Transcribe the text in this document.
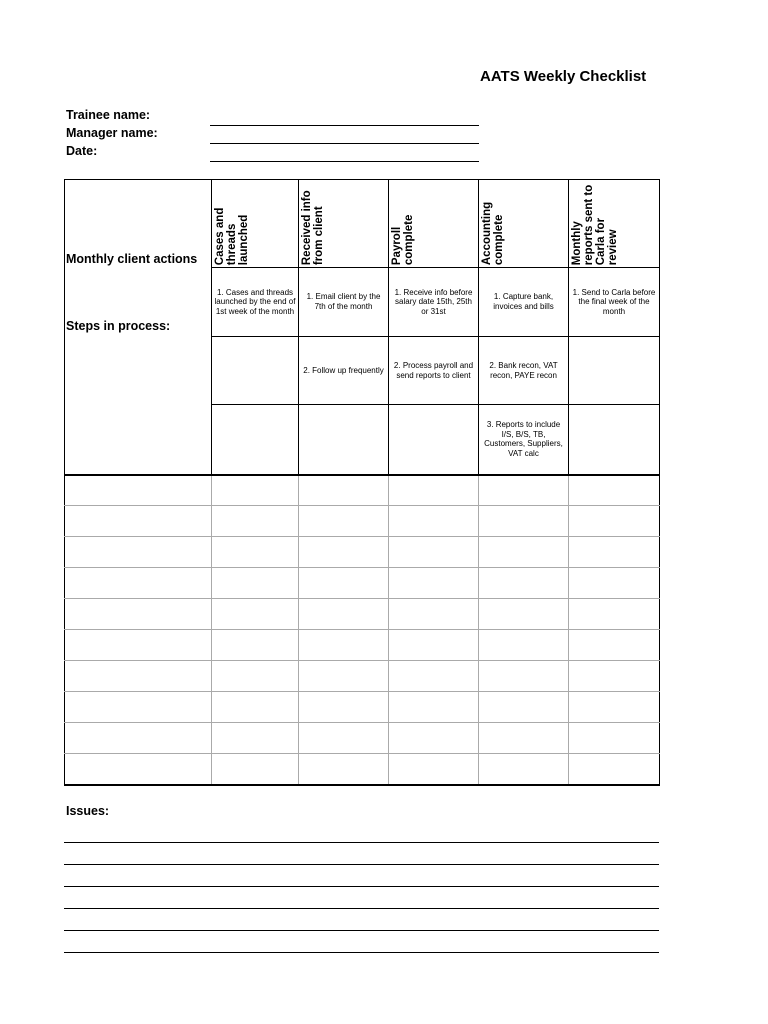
AATS Weekly Checklist
Trainee name:
Manager name:
Date:

	Cases and threads launched	Received info from client	Payroll complete	Accounting complete	Monthly reports sent to Carla for review

	1. Cases and threads launched by the end of 1st week of the month	1. Email client by the 7th of the month	1. Receive info before salary date 15th, 25th or 31st	1. Capture bank, invoices and bills	1. Send to Carla before the final week of the month
		2. Follow up frequently	2. Process payroll and send reports to client	2. Bank recon, VAT recon, PAYE recon	
				3. Reports to include I/S, B/S, TB, Customers, Suppliers, VAT calc	

Monthly client actions
Steps in process:
Issues:
